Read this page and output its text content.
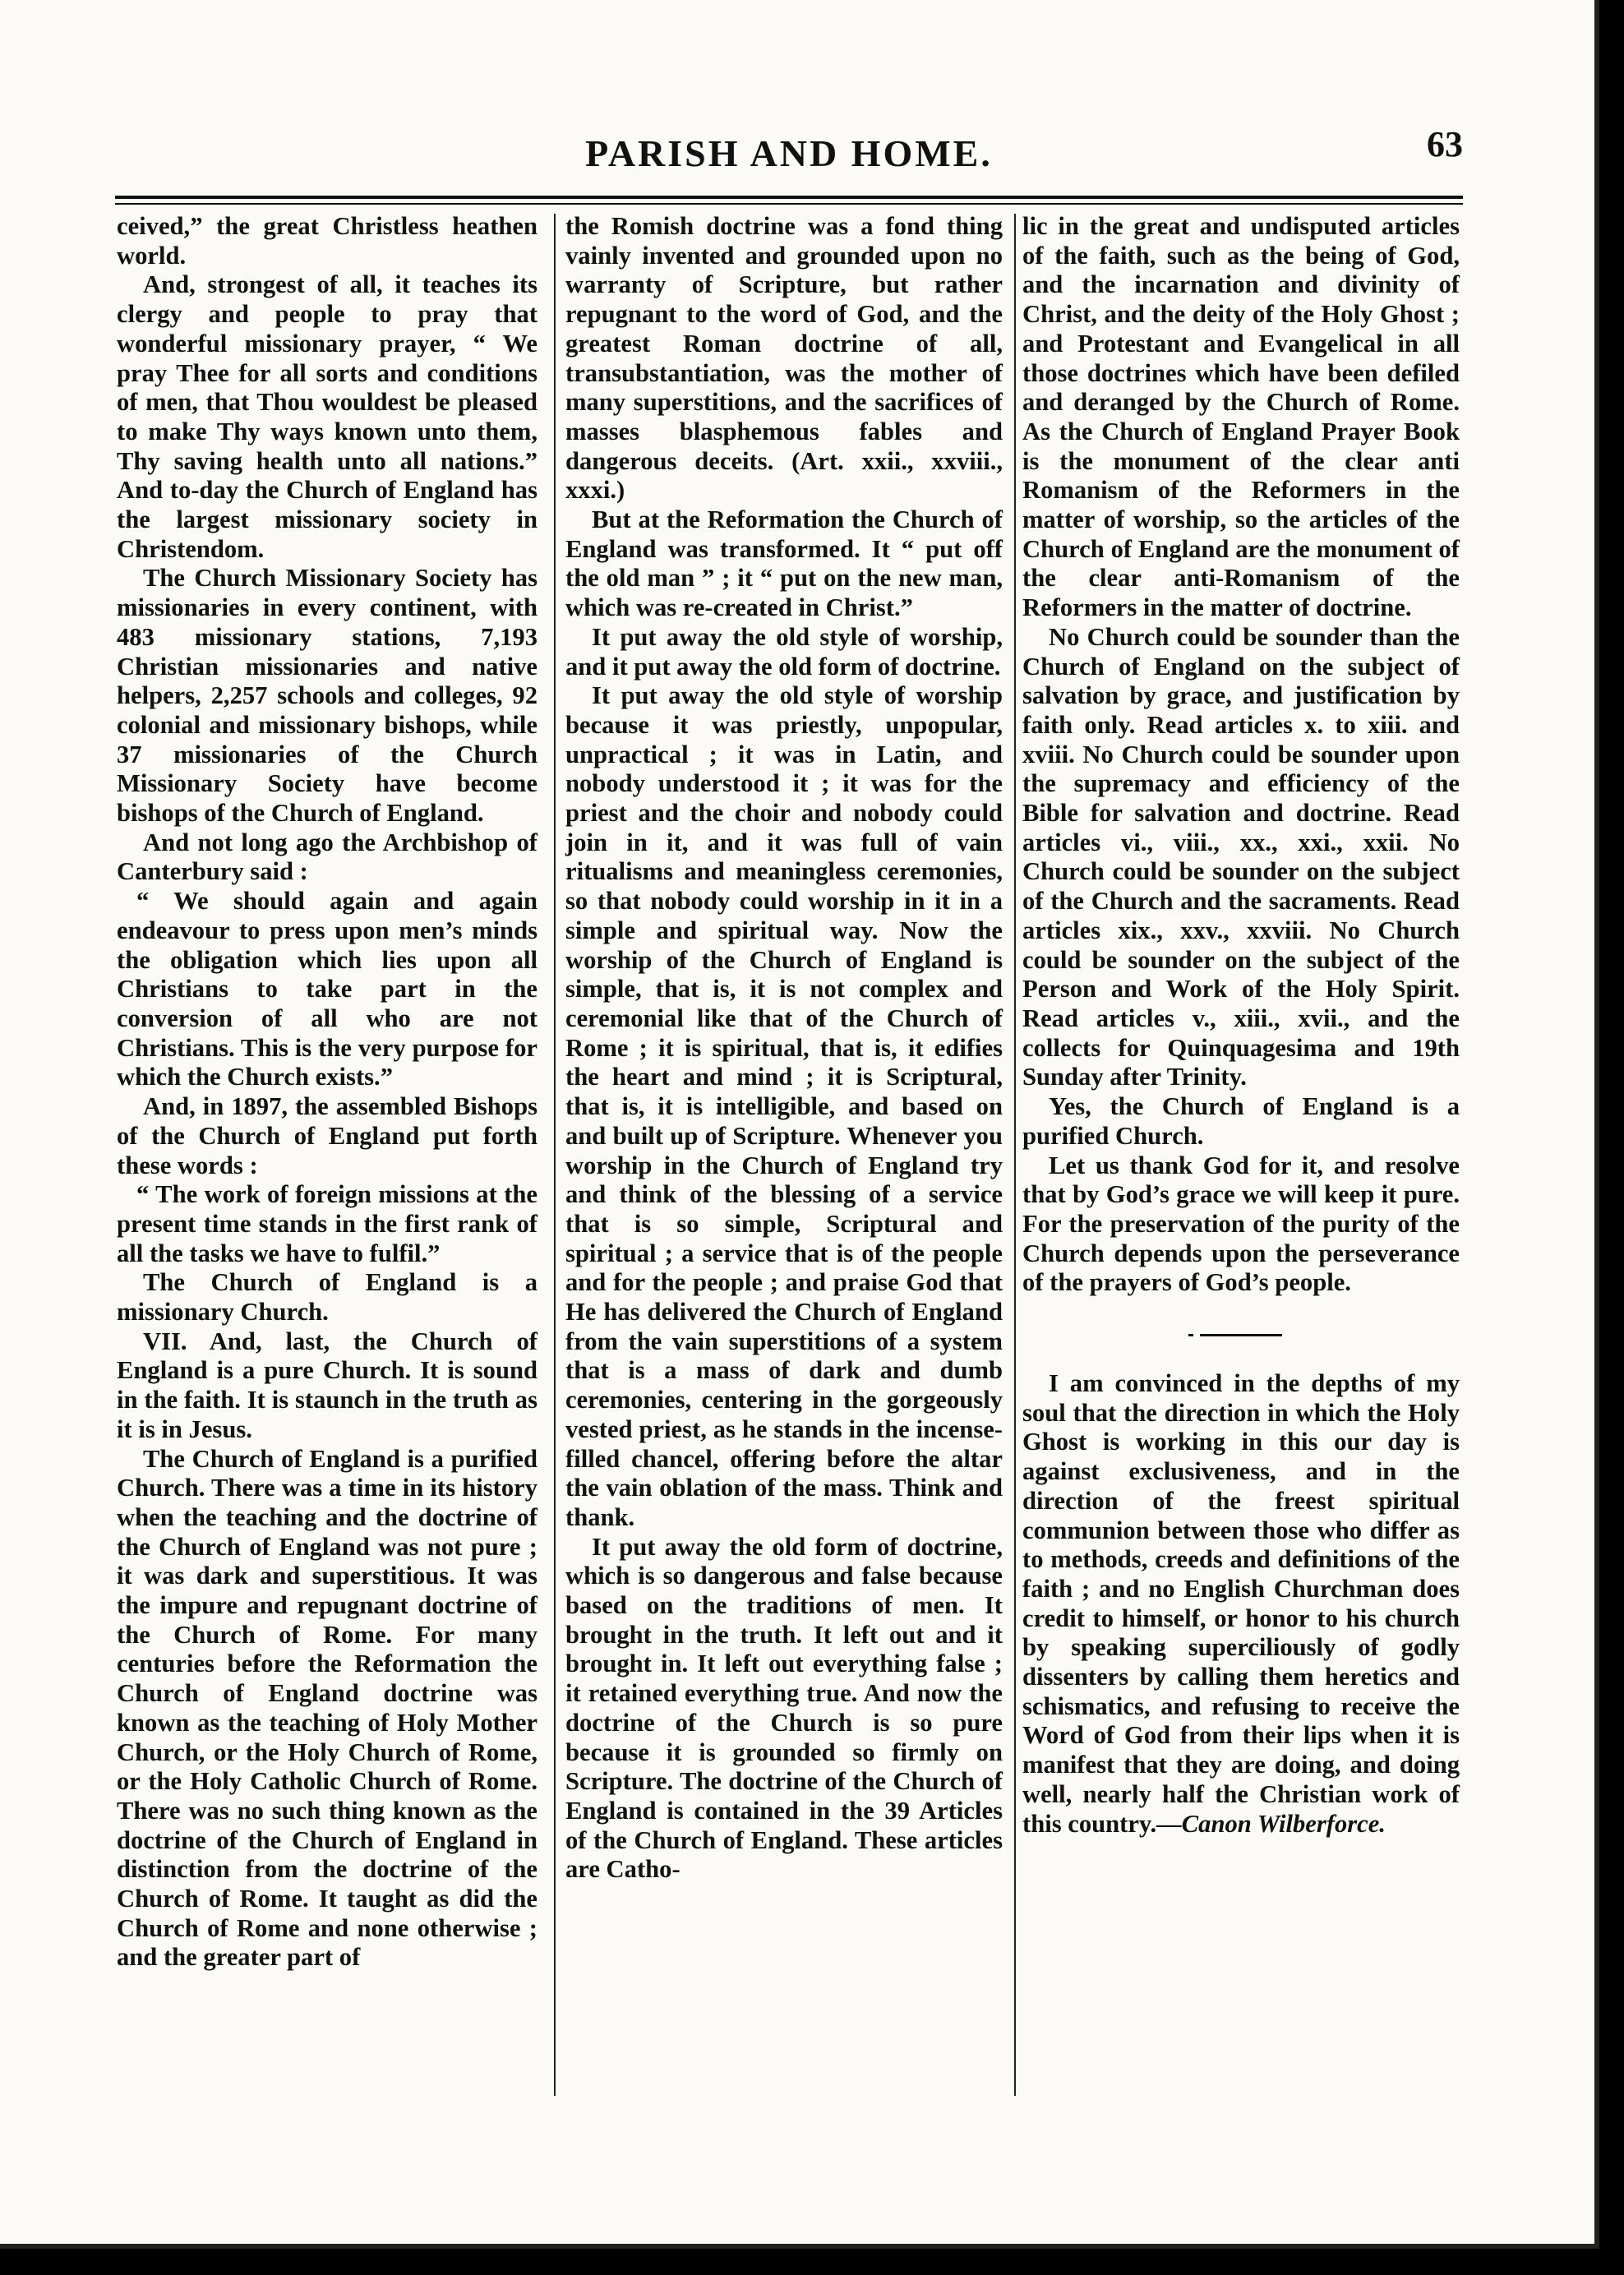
PARISH AND HOME.	63

ceived,” the great Christless heathen world.

And, strongest of all, it teaches its clergy and people to pray that wonderful missionary prayer, “ We pray Thee for all sorts and conditions of men, that Thou wouldest be pleased to make Thy ways known unto them, Thy saving health unto all nations.” And to-day the Church of England has the largest missionary society in Christendom.

The Church Missionary Society has missionaries in every continent, with 483 missionary stations, 7,193 Christian missionaries and native helpers, 2,257 schools and colleges, 92 colonial and missionary bishops, while 37 missionaries of the Church Missionary Society have become bishops of the Church of England.

And not long ago the Archbishop of Canterbury said :

“ We should again and again endeavour to press upon men’s minds the obligation which lies upon all Christians to take part in the conversion of all who are not Christians. This is the very purpose for which the Church exists.”

And, in 1897, the assembled Bishops of the Church of England put forth these words :

“ The work of foreign missions at the present time stands in the first rank of all the tasks we have to fulfil.”

The Church of England is a missionary Church.

VII. And, last, the Church of England is a pure Church. It is sound in the faith. It is staunch in the truth as it is in Jesus.

The Church of England is a purified Church. There was a time in its history when the teaching and the doctrine of the Church of England was not pure ; it was dark and superstitious. It was the impure and repugnant doctrine of the Church of Rome. For many centuries before the Reformation the Church of England doctrine was known as the teaching of Holy Mother Church, or the Holy Church of Rome, or the Holy Catholic Church of Rome. There was no such thing known as the doctrine of the Church of England in distinction from the doctrine of the Church of Rome. It taught as did the Church of Rome and none otherwise ; and the greater part of

the Romish doctrine was a fond thing vainly invented and grounded upon no warranty of Scripture, but rather repugnant to the word of God, and the greatest Roman doctrine of all, transubstantiation, was the mother of many superstitions, and the sacrifices of masses blasphemous fables and dangerous deceits. (Art. xxii., xxviii., xxxi.)

But at the Reformation the Church of England was transformed. It “ put off the old man ” ; it “ put on the new man, which was re-created in Christ.”

It put away the old style of worship, and it put away the old form of doctrine.

It put away the old style of worship because it was priestly, unpopular, unpractical ; it was in Latin, and nobody understood it ; it was for the priest and the choir and nobody could join in it, and it was full of vain ritualisms and meaningless ceremonies, so that nobody could worship in it in a simple and spiritual way. Now the worship of the Church of England is simple, that is, it is not complex and ceremonial like that of the Church of Rome ; it is spiritual, that is, it edifies the heart and mind ; it is Scriptural, that is, it is intelligible, and based on and built up of Scripture. Whenever you worship in the Church of England try and think of the blessing of a service that is so simple, Scriptural and spiritual ; a service that is of the people and for the people ; and praise God that He has delivered the Church of England from the vain superstitions of a system that is a mass of dark and dumb ceremonies, centering in the gorgeously vested priest, as he stands in the incense-filled chancel, offering before the altar the vain oblation of the mass. Think and thank.

It put away the old form of doctrine, which is so dangerous and false because based on the traditions of men. It brought in the truth. It left out and it brought in. It left out everything false ; it retained everything true. And now the doctrine of the Church is so pure because it is grounded so firmly on Scripture. The doctrine of the Church of England is contained in the 39 Articles of the Church of England. These articles are Catho-

lic in the great and undisputed articles of the faith, such as the being of God, and the incarnation and divinity of Christ, and the deity of the Holy Ghost ; and Protestant and Evangelical in all those doctrines which have been defiled and deranged by the Church of Rome. As the Church of England Prayer Book is the monument of the clear anti Romanism of the Reformers in the matter of worship, so the articles of the Church of England are the monument of the clear anti-Romanism of the Reformers in the matter of doctrine.

No Church could be sounder than the Church of England on the subject of salvation by grace, and justification by faith only. Read articles x. to xiii. and xviii. No Church could be sounder upon the supremacy and efficiency of the Bible for salvation and doctrine. Read articles vi., viii., xx., xxi., xxii. No Church could be sounder on the subject of the Church and the sacraments. Read articles xix., xxv., xxviii. No Church could be sounder on the subject of the Person and Work of the Holy Spirit. Read articles v., xiii., xvii., and the collects for Quinquagesima and 19th Sunday after Trinity.

Yes, the Church of England is a purified Church.

Let us thank God for it, and resolve that by God’s grace we will keep it pure. For the preservation of the purity of the Church depends upon the perseverance of the prayers of God’s people.

I am convinced in the depths of my soul that the direction in which the Holy Ghost is working in this our day is against exclusiveness, and in the direction of the freest spiritual communion between those who differ as to methods, creeds and definitions of the faith ; and no English Churchman does credit to himself, or honor to his church by speaking superciliously of godly dissenters by calling them heretics and schismatics, and refusing to receive the Word of God from their lips when it is manifest that they are doing, and doing well, nearly half the Christian work of this country.—Canon Wilberforce.
